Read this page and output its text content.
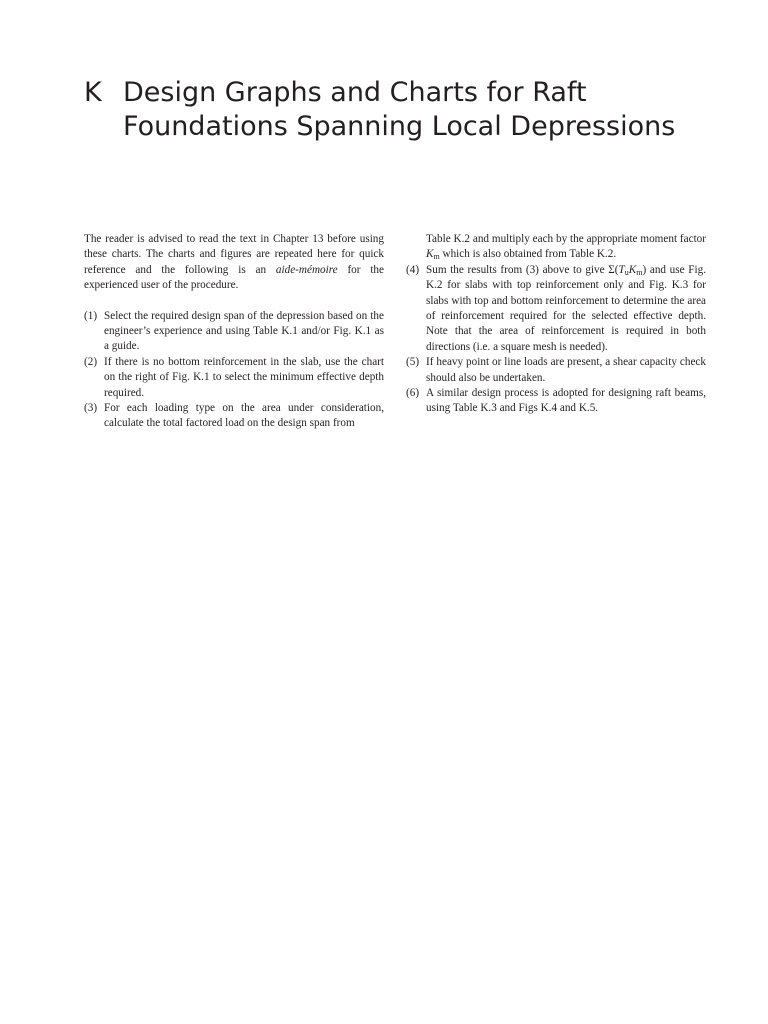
K Design Graphs and Charts for Raft Foundations Spanning Local Depressions

The reader is advised to read the text in Chapter 13 before using these charts. The charts and figures are repeated here for quick reference and the following is an aide-mémoire for the experienced user of the procedure.

(1) Select the required design span of the depression based on the engineer’s experience and using Table K.1 and/or Fig. K.1 as a guide.
(2) If there is no bottom reinforcement in the slab, use the chart on the right of Fig. K.1 to select the minimum effective depth required.
(3) For each loading type on the area under consideration, calculate the total factored load on the design span from
Table K.2 and multiply each by the appropriate moment factor $K_m$ which is also obtained from Table K.2.
(4) Sum the results from (3) above to give $\Sigma(T_uK_m)$ and use Fig. K.2 for slabs with top reinforcement only and Fig. K.3 for slabs with top and bottom reinforcement to determine the area of reinforcement required for the selected effective depth. Note that the area of reinforcement is required in both directions (i.e. a square mesh is needed).
(5) If heavy point or line loads are present, a shear capacity check should also be undertaken.
(6) A similar design process is adopted for designing raft beams, using Table K.3 and Figs K.4 and K.5.
